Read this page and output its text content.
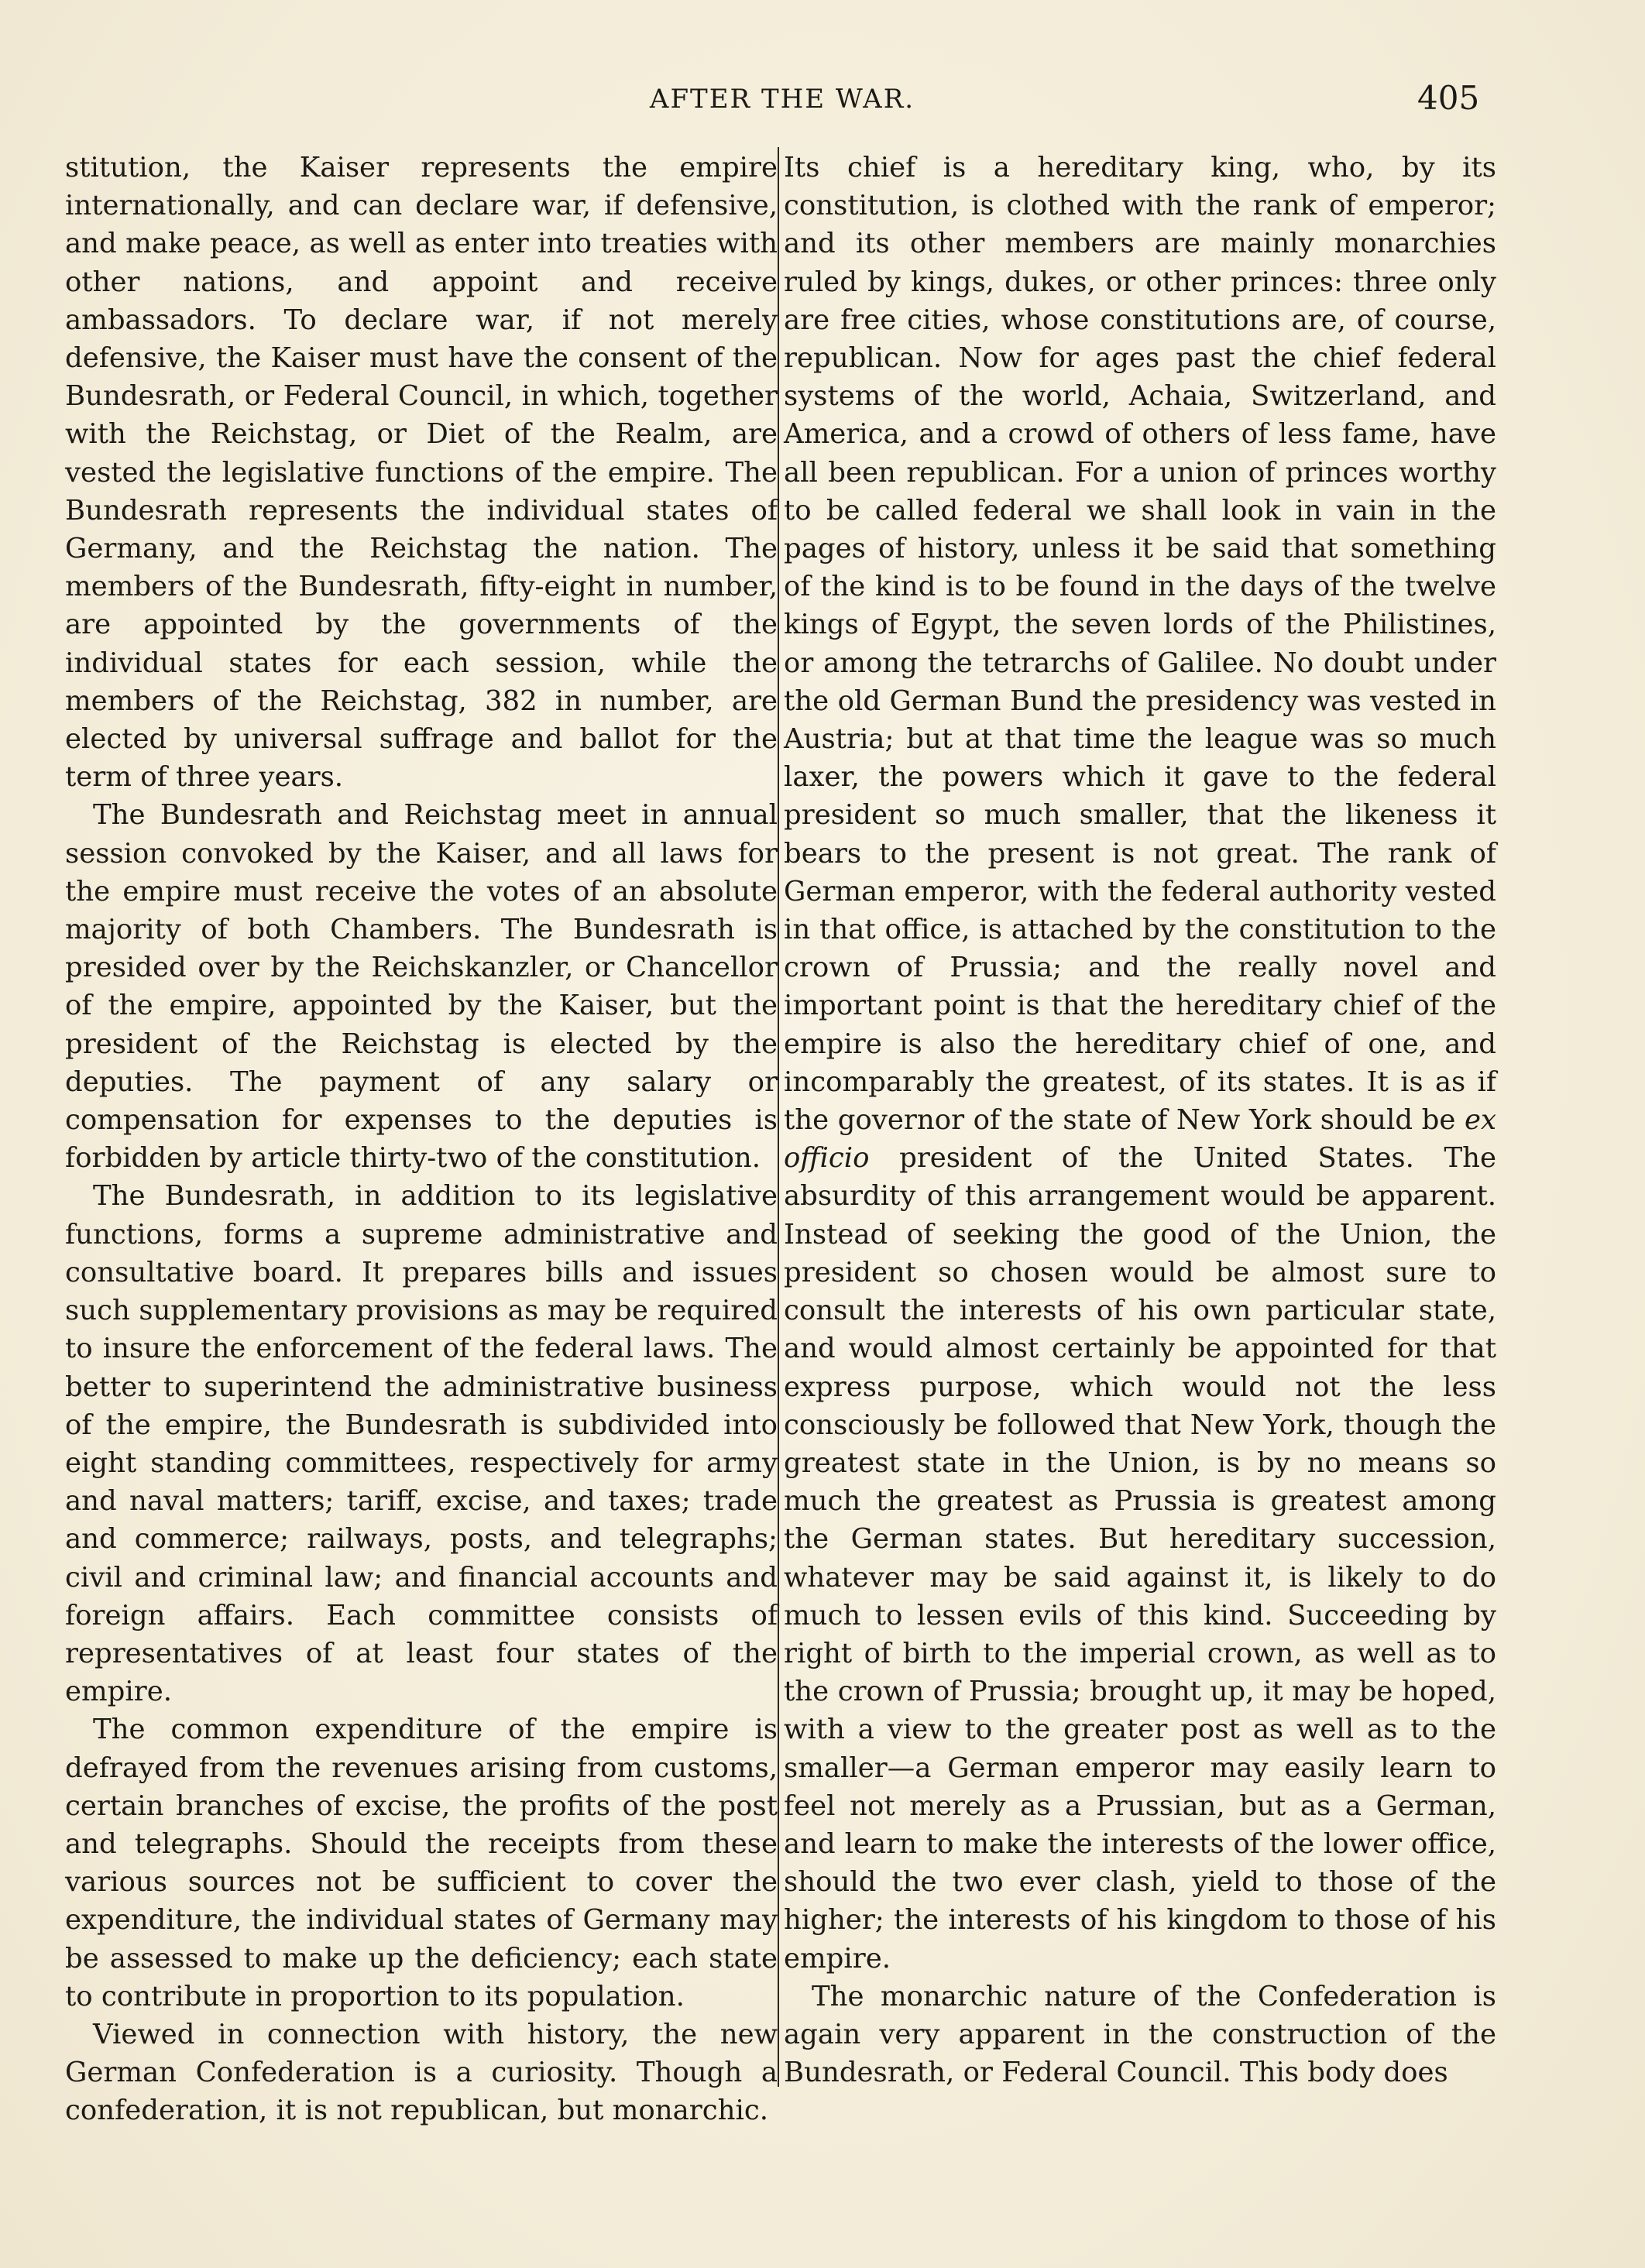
AFTER THE WAR.	405

stitution, the Kaiser represents the empire internationally, and can declare war, if defensive, and make peace, as well as enter into treaties with other nations, and appoint and receive ambassadors. To declare war, if not merely defensive, the Kaiser must have the consent of the Bundesrath, or Federal Council, in which, together with the Reichstag, or Diet of the Realm, are vested the legislative functions of the empire. The Bundesrath represents the individual states of Germany, and the Reichstag the nation. The members of the Bundesrath, fifty-eight in number, are appointed by the governments of the individual states for each session, while the members of the Reichstag, 382 in number, are elected by universal suffrage and ballot for the term of three years.

The Bundesrath and Reichstag meet in annual session convoked by the Kaiser, and all laws for the empire must receive the votes of an absolute majority of both Chambers. The Bundesrath is presided over by the Reichskanzler, or Chancellor of the empire, appointed by the Kaiser, but the president of the Reichstag is elected by the deputies. The payment of any salary or compensation for expenses to the deputies is forbidden by article thirty-two of the constitution.

The Bundesrath, in addition to its legislative functions, forms a supreme administrative and consultative board. It prepares bills and issues such supplementary provisions as may be required to insure the enforcement of the federal laws. The better to superintend the administrative business of the empire, the Bundesrath is subdivided into eight standing committees, respectively for army and naval matters; tariff, excise, and taxes; trade and commerce; railways, posts, and telegraphs; civil and criminal law; and financial accounts and foreign affairs. Each committee consists of representatives of at least four states of the empire.

The common expenditure of the empire is defrayed from the revenues arising from customs, certain branches of excise, the profits of the post and telegraphs. Should the receipts from these various sources not be sufficient to cover the expenditure, the individual states of Germany may be assessed to make up the deficiency; each state to contribute in proportion to its population.

Viewed in connection with history, the new German Confederation is a curiosity. Though a confederation, it is not republican, but monarchic.

Its chief is a hereditary king, who, by its constitution, is clothed with the rank of emperor; and its other members are mainly monarchies ruled by kings, dukes, or other princes: three only are free cities, whose constitutions are, of course, republican. Now for ages past the chief federal systems of the world, Achaia, Switzerland, and America, and a crowd of others of less fame, have all been republican. For a union of princes worthy to be called federal we shall look in vain in the pages of history, unless it be said that something of the kind is to be found in the days of the twelve kings of Egypt, the seven lords of the Philistines, or among the tetrarchs of Galilee. No doubt under the old German Bund the presidency was vested in Austria; but at that time the league was so much laxer, the powers which it gave to the federal president so much smaller, that the likeness it bears to the present is not great. The rank of German emperor, with the federal authority vested in that office, is attached by the constitution to the crown of Prussia; and the really novel and important point is that the hereditary chief of the empire is also the hereditary chief of one, and incomparably the greatest, of its states. It is as if the governor of the state of New York should be ex officio president of the United States. The absurdity of this arrangement would be apparent. Instead of seeking the good of the Union, the president so chosen would be almost sure to consult the interests of his own particular state, and would almost certainly be appointed for that express purpose, which would not the less consciously be followed that New York, though the greatest state in the Union, is by no means so much the greatest as Prussia is greatest among the German states. But hereditary succession, whatever may be said against it, is likely to do much to lessen evils of this kind. Succeeding by right of birth to the imperial crown, as well as to the crown of Prussia; brought up, it may be hoped, with a view to the greater post as well as to the smaller—a German emperor may easily learn to feel not merely as a Prussian, but as a German, and learn to make the interests of the lower office, should the two ever clash, yield to those of the higher; the interests of his kingdom to those of his empire.

The monarchic nature of the Confederation is again very apparent in the construction of the Bundesrath, or Federal Council. This body does
